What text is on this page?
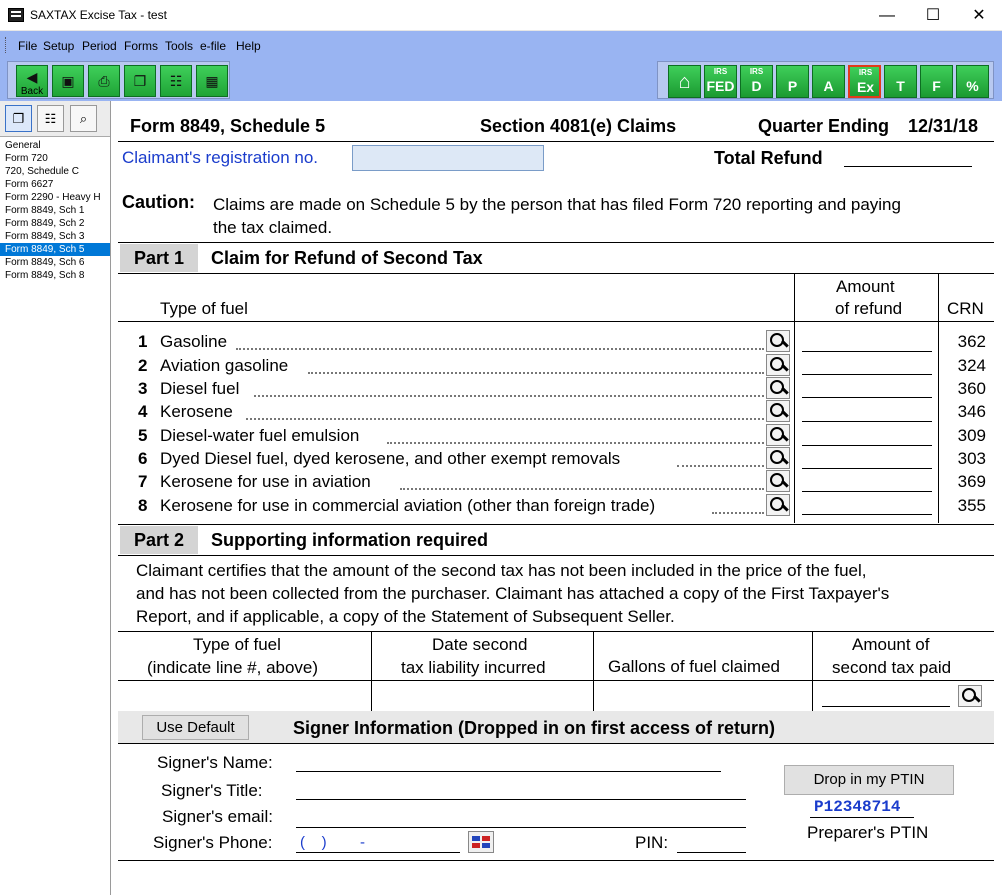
SAXTAX Excise Tax - test	—	☐	✕
File Setup Period Forms Tools e-file Help
◀
Back
▣	⎙	❐	☷	▦	⌂	IRS
FED
IRS
D	P	A
IRS
Ex	T	F	%
❐	☷	⌕
General
Form 720
720, Schedule C
Form 6627
Form 2290 - Heavy H
Form 8849, Sch 1
Form 8849, Sch 2
Form 8849, Sch 3
Form 8849, Sch 5
Form 8849, Sch 6
Form 8849, Sch 8
Form 8849, Schedule 5	Section 4081(e) Claims	Quarter Ending 12/31/18
Claimant's registration no.	Total Refund
Caution: Claims are made on Schedule 5 by the person that has filed Form 720 reporting and paying
the tax claimed.
Part 1	Claim for Refund of Second Tax
Type of fuel
Amount
of refund	CRN
1 Gasoline	362
2 Aviation gasoline	324
3 Diesel fuel	360
4 Kerosene	346
5 Diesel-water fuel emulsion	309
6 Dyed Diesel fuel, dyed kerosene, and other exempt removals	303
7 Kerosene for use in aviation	369
8 Kerosene for use in commercial aviation (other than foreign trade)	355
Part 2	Supporting information required
Claimant certifies that the amount of the second tax has not been included in the price of the fuel,
and has not been collected from the purchaser. Claimant has attached a copy of the First Taxpayer's
Report, and if applicable, a copy of the Statement of Subsequent Seller.
Type of fuel
(indicate line #, above)
Date second
tax liability incurred	Gallons of fuel claimed
Amount of
second tax paid
Use Default	Signer Information (Dropped in on first access of return)
Signer's Name:
Signer's Title:
Signer's email:
Signer's Phone: (    )        -	PIN:
Drop in my PTIN
P12348714
Preparer's PTIN
